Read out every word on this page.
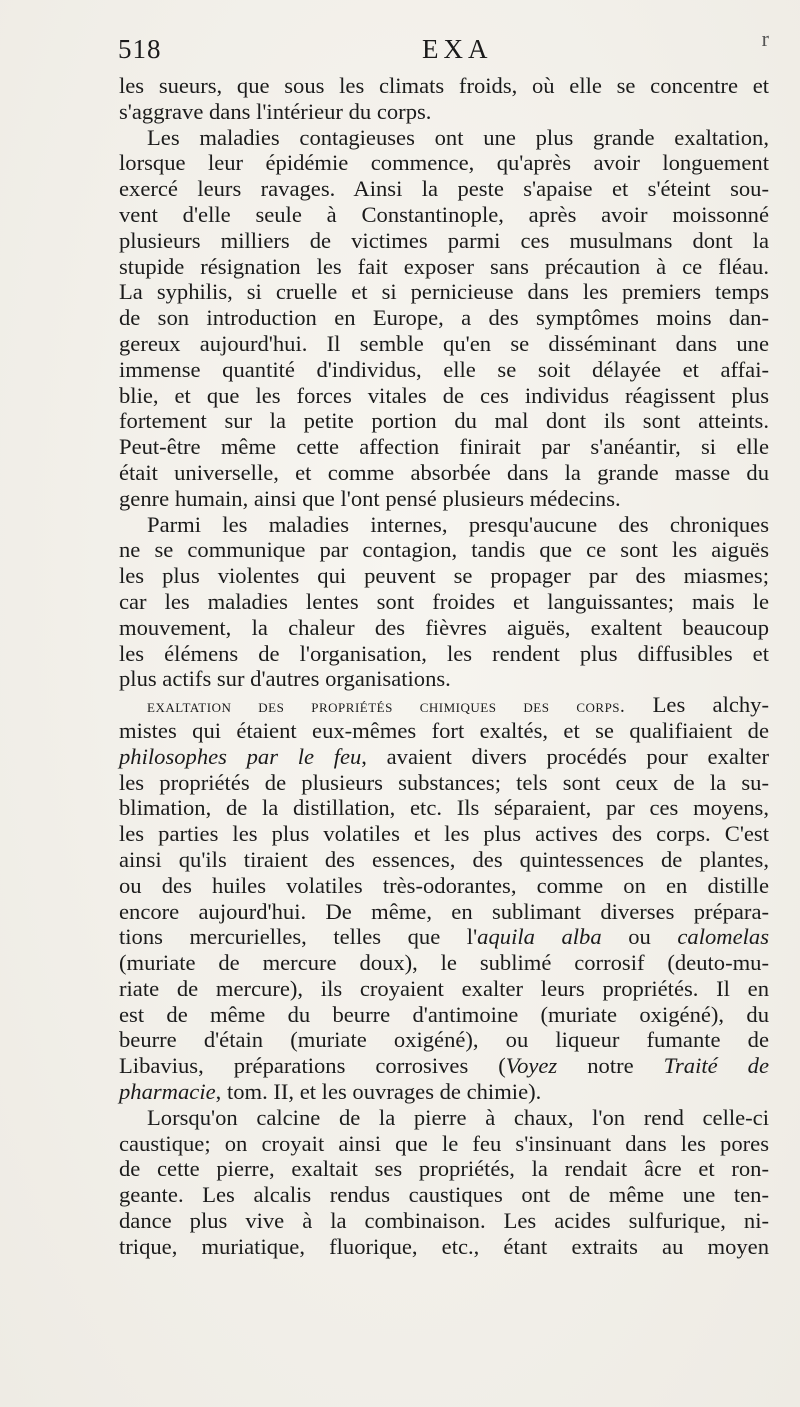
518	EXA	r
les sueurs, que sous les climats froids, où elle se concentre et
s'aggrave dans l'intérieur du corps.
Les maladies contagieuses ont une plus grande exaltation,
lorsque leur épidémie commence, qu'après avoir longuement
exercé leurs ravages. Ainsi la peste s'apaise et s'éteint sou-
vent d'elle seule à Constantinople, après avoir moissonné
plusieurs milliers de victimes parmi ces musulmans dont la
stupide résignation les fait exposer sans précaution à ce fléau.
La syphilis, si cruelle et si pernicieuse dans les premiers temps
de son introduction en Europe, a des symptômes moins dan-
gereux aujourd'hui. Il semble qu'en se disséminant dans une
immense quantité d'individus, elle se soit délayée et affai-
blie, et que les forces vitales de ces individus réagissent plus
fortement sur la petite portion du mal dont ils sont atteints.
Peut-être même cette affection finirait par s'anéantir, si elle
était universelle, et comme absorbée dans la grande masse du
genre humain, ainsi que l'ont pensé plusieurs médecins.
Parmi les maladies internes, presqu'aucune des chroniques
ne se communique par contagion, tandis que ce sont les aiguës
les plus violentes qui peuvent se propager par des miasmes;
car les maladies lentes sont froides et languissantes; mais le
mouvement, la chaleur des fièvres aiguës, exaltent beaucoup
les élémens de l'organisation, les rendent plus diffusibles et
plus actifs sur d'autres organisations.
exaltation des propriétés chimiques des corps. Les alchy-
mistes qui étaient eux-mêmes fort exaltés, et se qualifiaient de
philosophes par le feu, avaient divers procédés pour exalter
les propriétés de plusieurs substances; tels sont ceux de la su-
blimation, de la distillation, etc. Ils séparaient, par ces moyens,
les parties les plus volatiles et les plus actives des corps. C'est
ainsi qu'ils tiraient des essences, des quintessences de plantes,
ou des huiles volatiles très-odorantes, comme on en distille
encore aujourd'hui. De même, en sublimant diverses prépara-
tions mercurielles, telles que l'aquila alba ou calomelas
(muriate de mercure doux), le sublimé corrosif (deuto-mu-
riate de mercure), ils croyaient exalter leurs propriétés. Il en
est de même du beurre d'antimoine (muriate oxigéné), du
beurre d'étain (muriate oxigéné), ou liqueur fumante de
Libavius, préparations corrosives (Voyez notre Traité de
pharmacie, tom. II, et les ouvrages de chimie).
Lorsqu'on calcine de la pierre à chaux, l'on rend celle-ci
caustique; on croyait ainsi que le feu s'insinuant dans les pores
de cette pierre, exaltait ses propriétés, la rendait âcre et ron-
geante. Les alcalis rendus caustiques ont de même une ten-
dance plus vive à la combinaison. Les acides sulfurique, ni-
trique, muriatique, fluorique, etc., étant extraits au moyen
